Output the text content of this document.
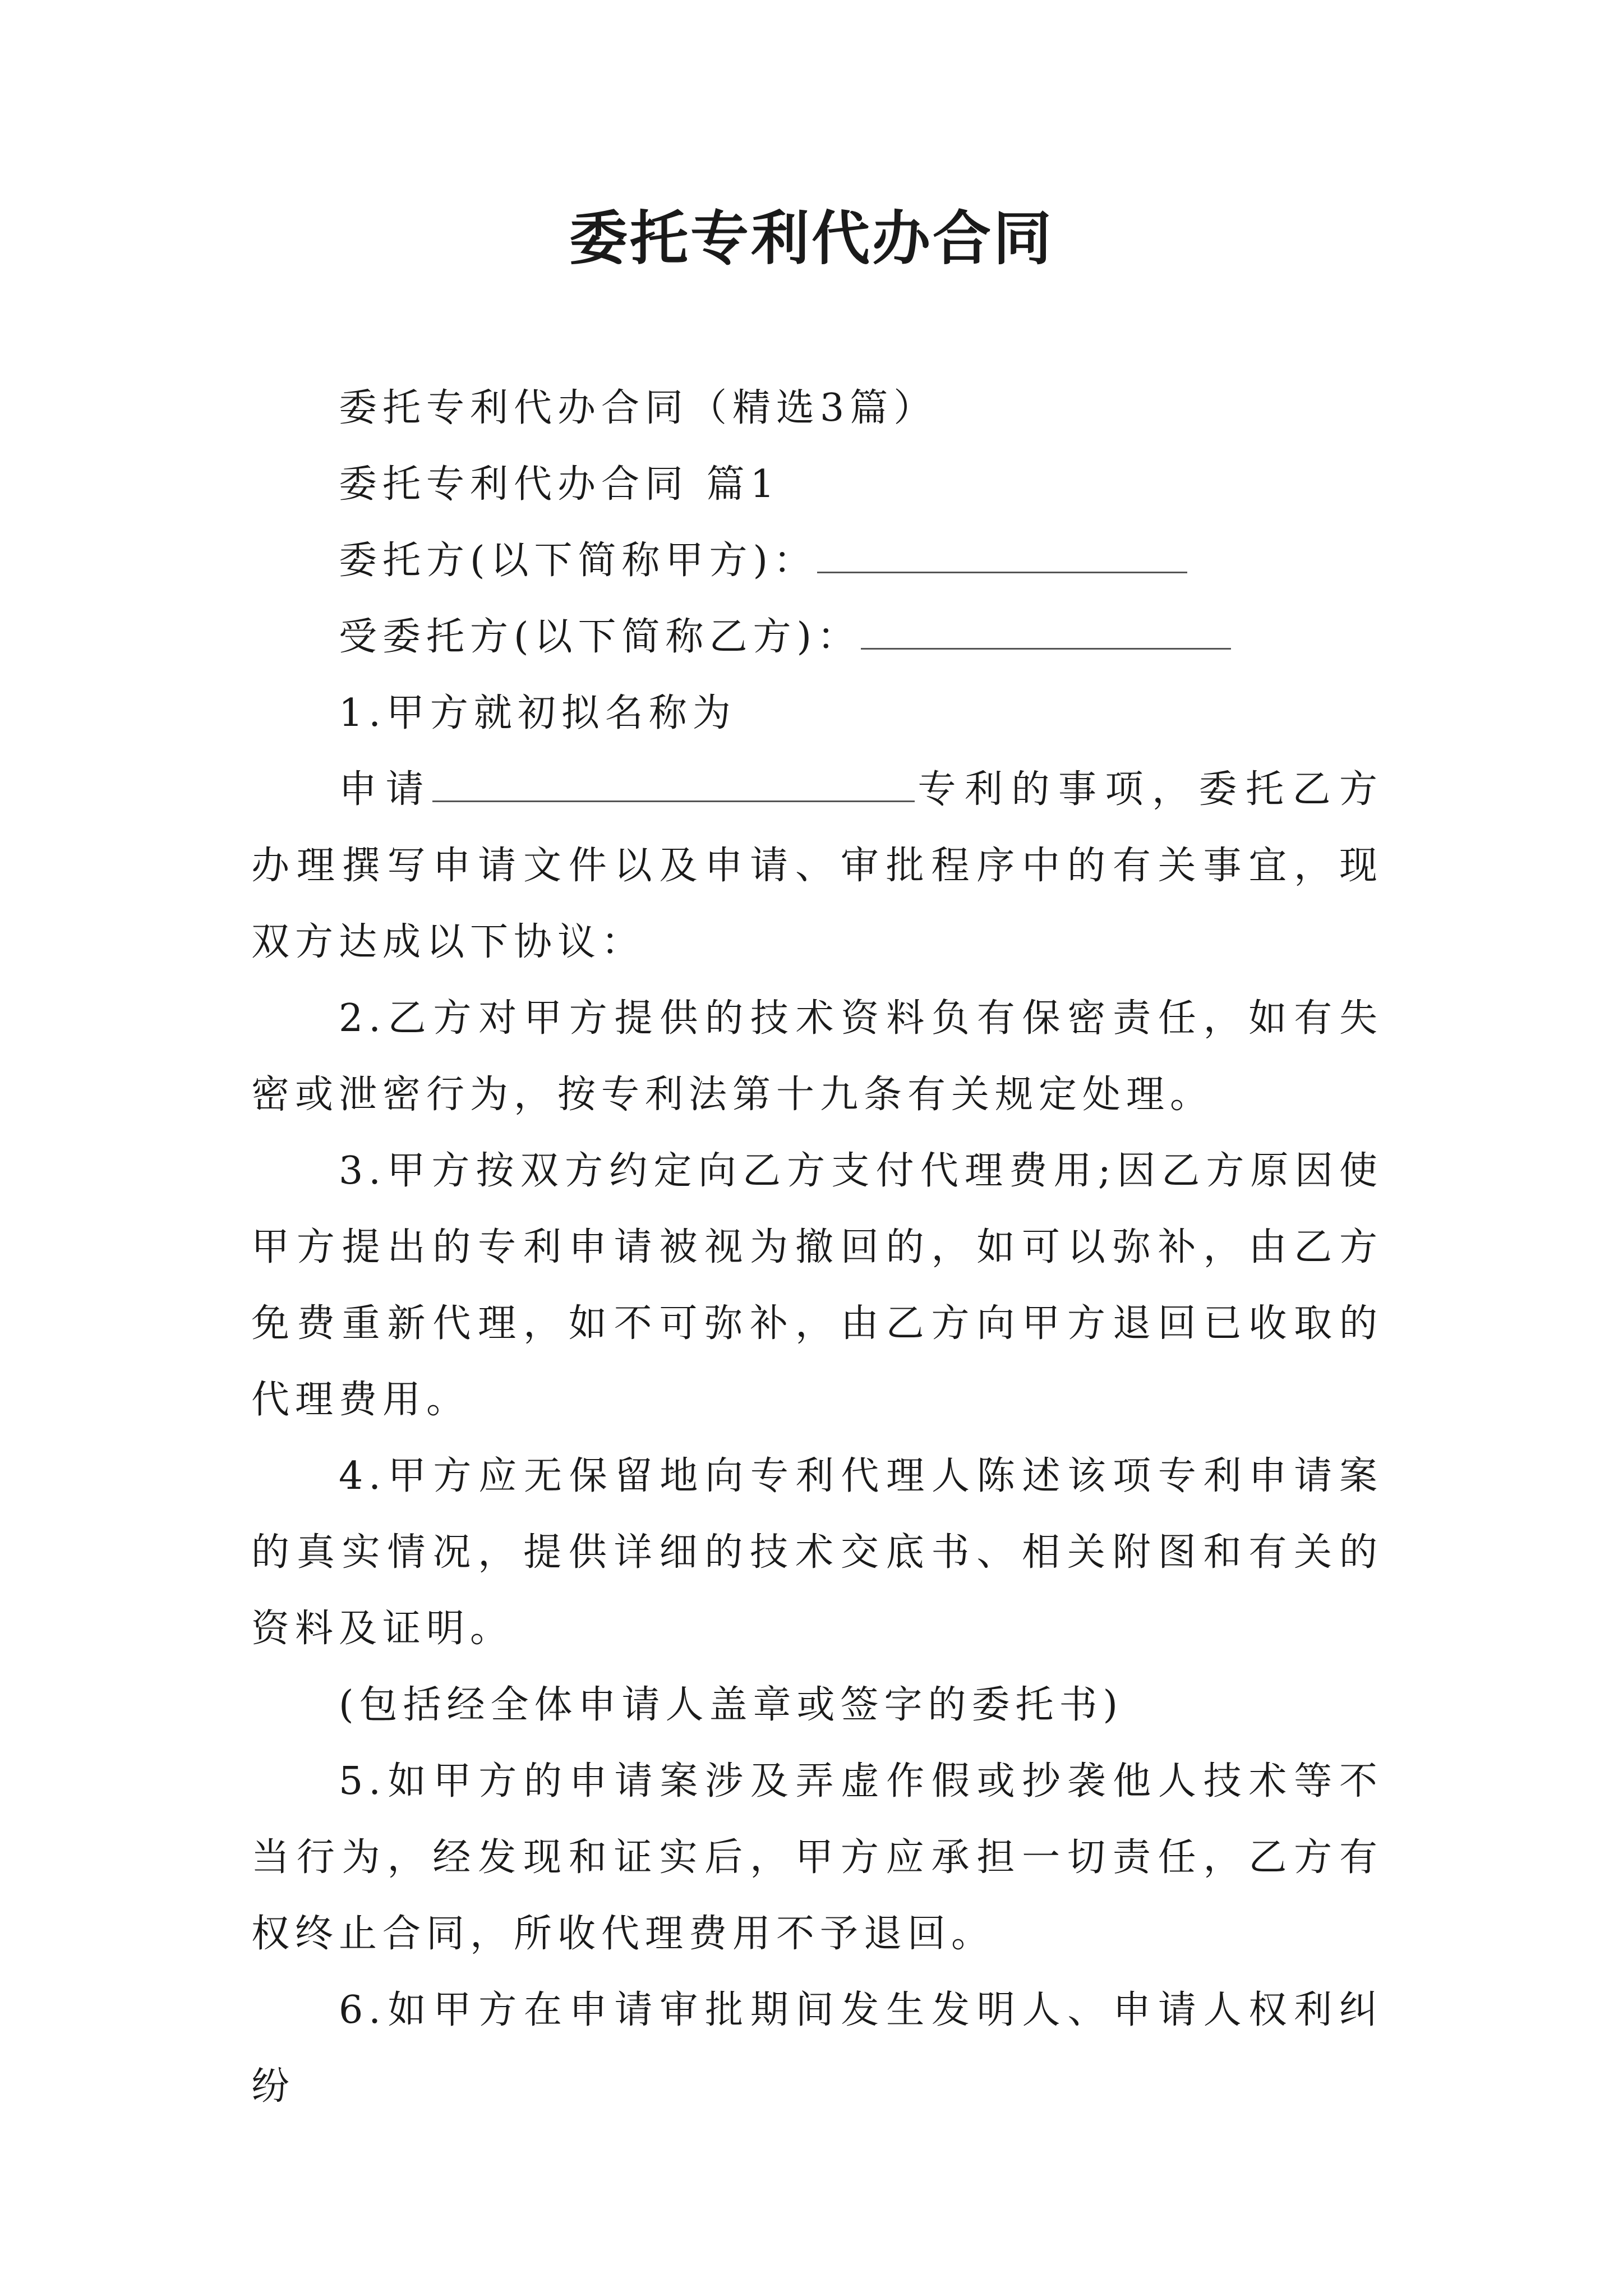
委托专利代办合同

委托专利代办合同（精选3篇）

委托专利代办合同 篇1

委托方(以下简称甲方)：

受委托方(以下简称乙方)：

1.甲方就初拟名称为

申请	专利的事项，委托乙方办理撰写申请文件以及申请、审批程序中的有关事宜，现双方达成以下协议：

2.乙方对甲方提供的技术资料负有保密责任，如有失密或泄密行为，按专利法第十九条有关规定处理。

3.甲方按双方约定向乙方支付代理费用;因乙方原因使甲方提出的专利申请被视为撤回的，如可以弥补，由乙方免费重新代理，如不可弥补，由乙方向甲方退回已收取的代理费用。

4.甲方应无保留地向专利代理人陈述该项专利申请案的真实情况，提供详细的技术交底书、相关附图和有关的资料及证明。

(包括经全体申请人盖章或签字的委托书)

5.如甲方的申请案涉及弄虚作假或抄袭他人技术等不当行为，经发现和证实后，甲方应承担一切责任，乙方有权终止合同，所收代理费用不予退回。

6.如甲方在申请审批期间发生发明人、申请人权利纠纷
